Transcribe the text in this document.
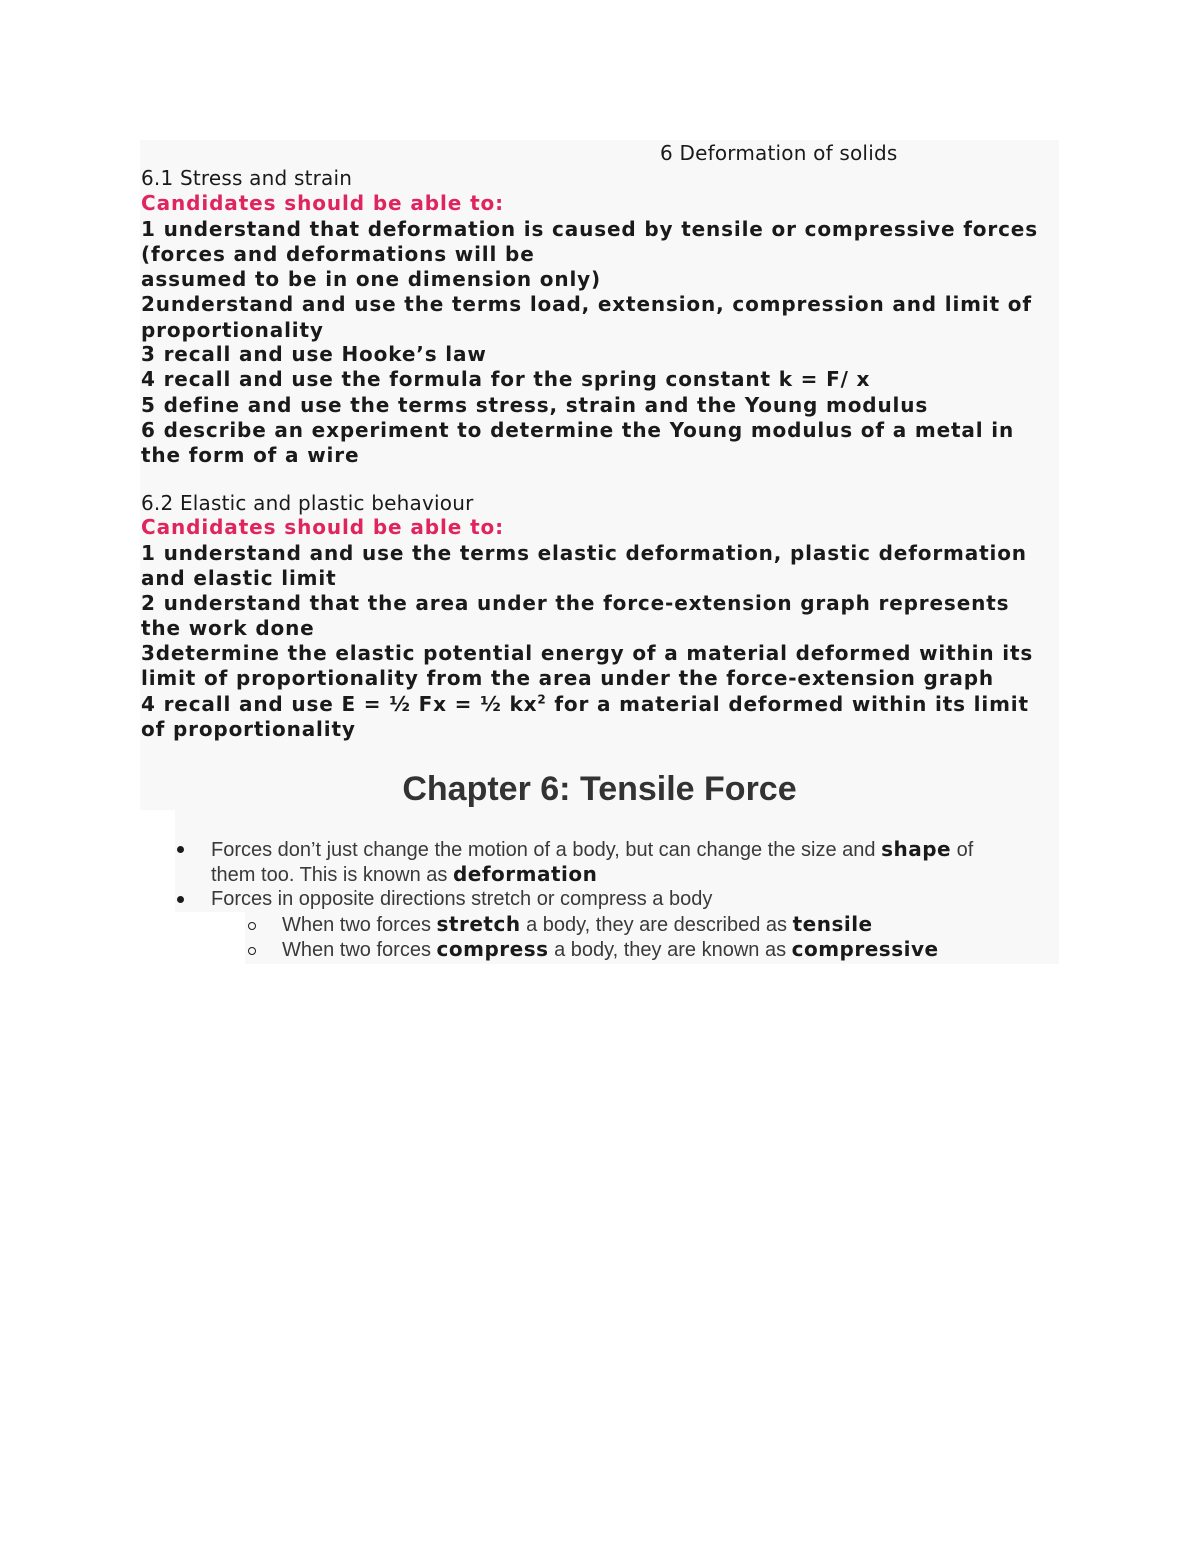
6 Deformation of solids
6.1 Stress and strain
Candidates should be able to:
1 understand that deformation is caused by tensile or compressive forces
(forces and deformations will be
assumed to be in one dimension only)
2understand and use the terms load, extension, compression and limit of
proportionality
3 recall and use Hooke’s law
4 recall and use the formula for the spring constant k = F/ x
5 define and use the terms stress, strain and the Young modulus
6 describe an experiment to determine the Young modulus of a metal in
the form of a wire
6.2 Elastic and plastic behaviour
Candidates should be able to:
1 understand and use the terms elastic deformation, plastic deformation
and elastic limit
2 understand that the area under the force-extension graph represents
the work done
3determine the elastic potential energy of a material deformed within its
limit of proportionality from the area under the force-extension graph
4 recall and use E = ½ Fx = ½ $kx^2$ for a material deformed within its limit
of proportionality
Chapter 6: Tensile Force
Forces don’t just change the motion of a body, but can change the size and shape of
them too. This is known as deformation
Forces in opposite directions stretch or compress a body
When two forces stretch a body, they are described as tensile
When two forces compress a body, they are known as compressive
